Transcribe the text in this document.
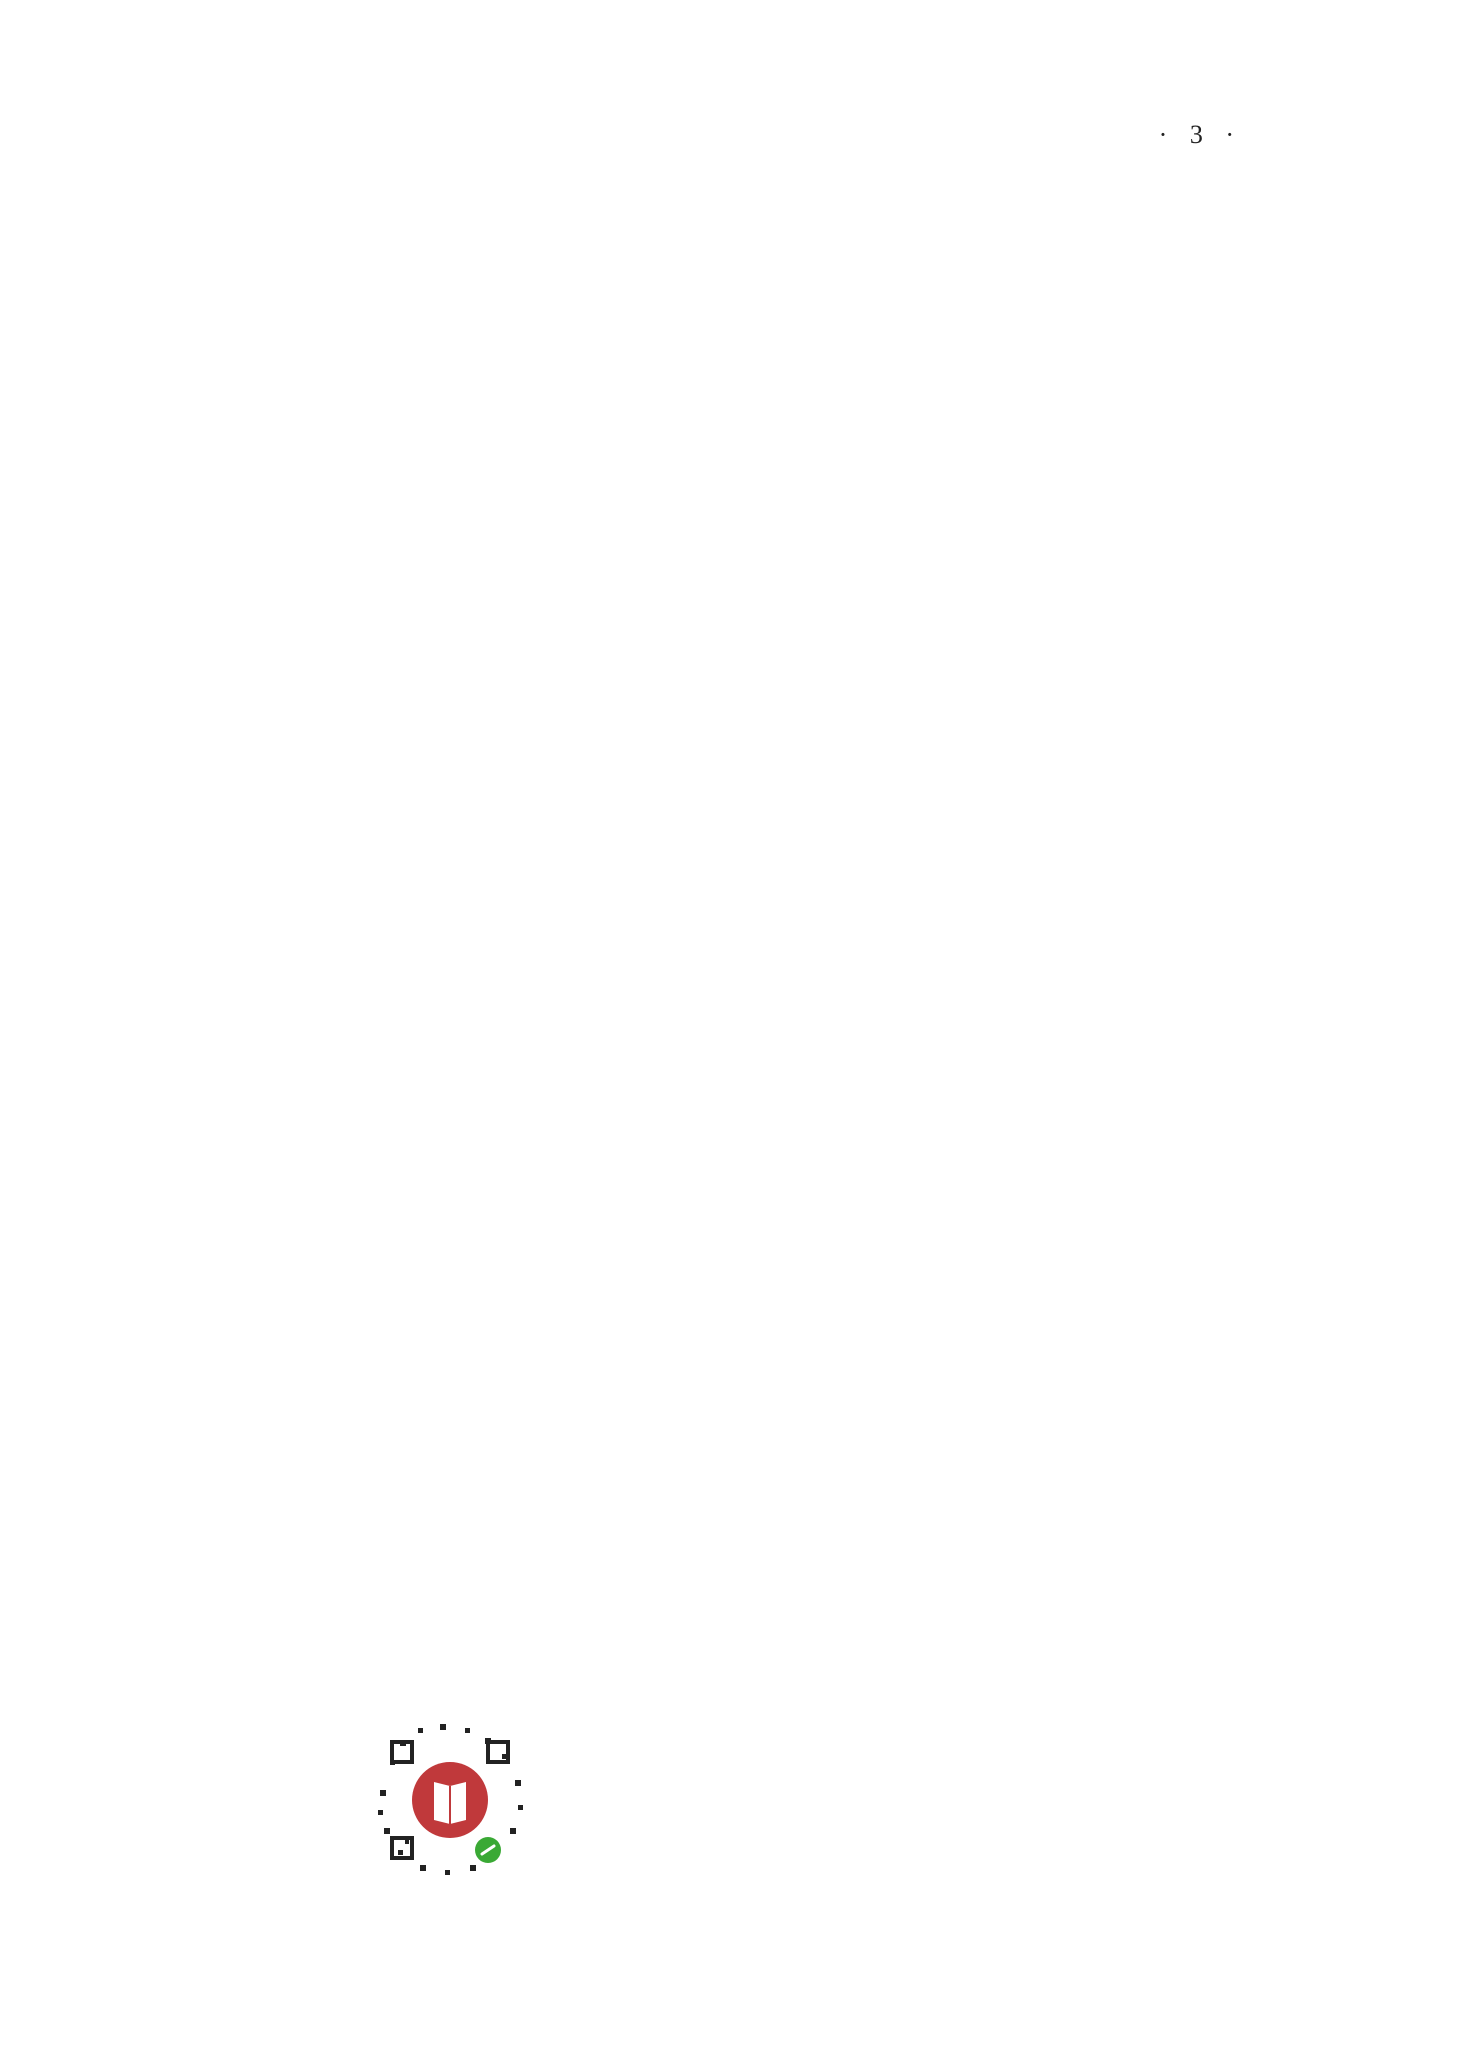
· 3 ·
